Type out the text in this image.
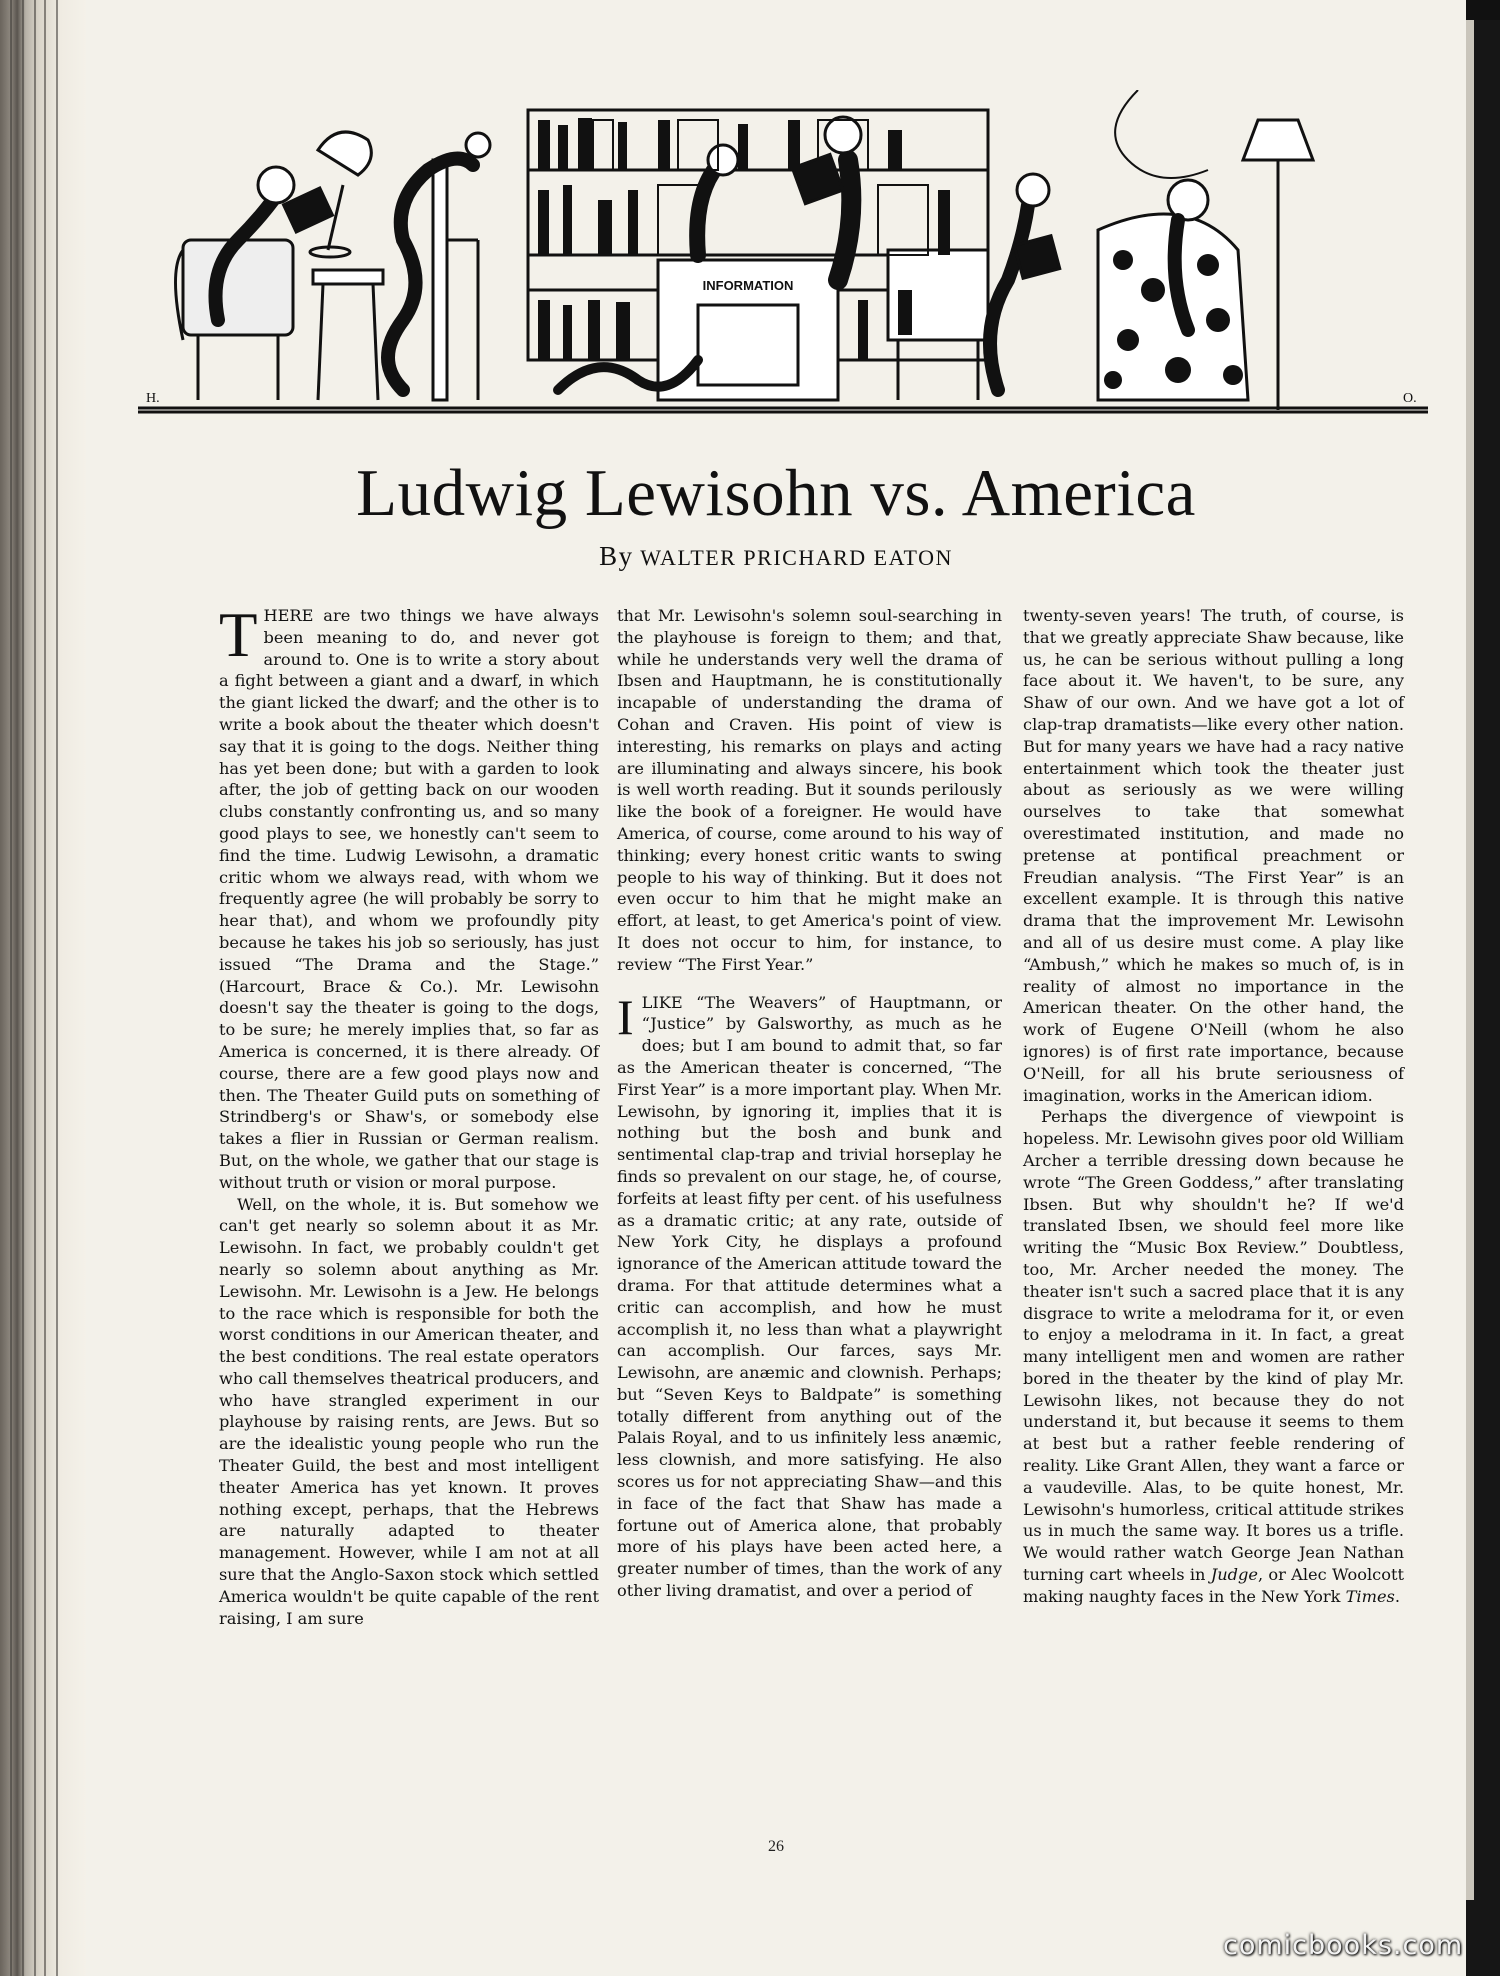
INFORMATION
H.	O.
Ludwig Lewisohn vs. America
By WALTER PRICHARD EATON

THERE are two things we have always been meaning to do, and never got around to. One is to write a story about a fight between a giant and a dwarf, in which the giant licked the dwarf; and the other is to write a book about the theater which doesn't say that it is going to the dogs. Neither thing has yet been done; but with a garden to look after, the job of getting back on our wooden clubs constantly confronting us, and so many good plays to see, we honestly can't seem to find the time. Ludwig Lewisohn, a dramatic critic whom we always read, with whom we frequently agree (he will probably be sorry to hear that), and whom we profoundly pity because he takes his job so seriously, has just issued “The Drama and the Stage.” (Harcourt, Brace & Co.). Mr. Lewisohn doesn't say the theater is going to the dogs, to be sure; he merely implies that, so far as America is concerned, it is there already. Of course, there are a few good plays now and then. The Theater Guild puts on something of Strindberg's or Shaw's, or somebody else takes a flier in Russian or German realism. But, on the whole, we gather that our stage is without truth or vision or moral purpose.

Well, on the whole, it is. But somehow we can't get nearly so solemn about it as Mr. Lewisohn. In fact, we probably couldn't get nearly so solemn about anything as Mr. Lewisohn. Mr. Lewisohn is a Jew. He belongs to the race which is responsible for both the worst conditions in our American theater, and the best conditions. The real estate operators who call themselves theatrical producers, and who have strangled experiment in our playhouse by raising rents, are Jews. But so are the idealistic young people who run the Theater Guild, the best and most intelligent theater America has yet known. It proves nothing except, perhaps, that the Hebrews are naturally adapted to theater management. However, while I am not at all sure that the Anglo-Saxon stock which settled America wouldn't be quite capable of the rent raising, I am sure

that Mr. Lewisohn's solemn soul-searching in the playhouse is foreign to them; and that, while he understands very well the drama of Ibsen and Hauptmann, he is constitutionally incapable of understanding the drama of Cohan and Craven. His point of view is interesting, his remarks on plays and acting are illuminating and always sincere, his book is well worth reading. But it sounds perilously like the book of a foreigner. He would have America, of course, come around to his way of thinking; every honest critic wants to swing people to his way of thinking. But it does not even occur to him that he might make an effort, at least, to get America's point of view. It does not occur to him, for instance, to review “The First Year.”

ILIKE “The Weavers” of Hauptmann, or “Justice” by Galsworthy, as much as he does; but I am bound to admit that, so far as the American theater is concerned, “The First Year” is a more important play. When Mr. Lewisohn, by ignoring it, implies that it is nothing but the bosh and bunk and sentimental clap-trap and trivial horseplay he finds so prevalent on our stage, he, of course, forfeits at least fifty per cent. of his usefulness as a dramatic critic; at any rate, outside of New York City, he displays a profound ignorance of the American attitude toward the drama. For that attitude determines what a critic can accomplish, and how he must accomplish it, no less than what a playwright can accomplish. Our farces, says Mr. Lewisohn, are anæmic and clownish. Perhaps; but “Seven Keys to Baldpate” is something totally different from anything out of the Palais Royal, and to us infinitely less anæmic, less clownish, and more satisfying. He also scores us for not appreciating Shaw—and this in face of the fact that Shaw has made a fortune out of America alone, that probably more of his plays have been acted here, a greater number of times, than the work of any other living dramatist, and over a period of

twenty-seven years! The truth, of course, is that we greatly appreciate Shaw because, like us, he can be serious without pulling a long face about it. We haven't, to be sure, any Shaw of our own. And we have got a lot of clap-trap dramatists—like every other nation. But for many years we have had a racy native entertainment which took the theater just about as seriously as we were willing ourselves to take that somewhat overestimated institution, and made no pretense at pontifical preachment or Freudian analysis. “The First Year” is an excellent example. It is through this native drama that the improvement Mr. Lewisohn and all of us desire must come. A play like “Ambush,” which he makes so much of, is in reality of almost no importance in the American theater. On the other hand, the work of Eugene O'Neill (whom he also ignores) is of first rate importance, because O'Neill, for all his brute seriousness of imagination, works in the American idiom.

Perhaps the divergence of viewpoint is hopeless. Mr. Lewisohn gives poor old William Archer a terrible dressing down because he wrote “The Green Goddess,” after translating Ibsen. But why shouldn't he? If we'd translated Ibsen, we should feel more like writing the “Music Box Review.” Doubtless, too, Mr. Archer needed the money. The theater isn't such a sacred place that it is any disgrace to write a melodrama for it, or even to enjoy a melodrama in it. In fact, a great many intelligent men and women are rather bored in the theater by the kind of play Mr. Lewisohn likes, not because they do not understand it, but because it seems to them at best but a rather feeble rendering of reality. Like Grant Allen, they want a farce or a vaudeville. Alas, to be quite honest, Mr. Lewisohn's humorless, critical attitude strikes us in much the same way. It bores us a trifle. We would rather watch George Jean Nathan turning cart wheels in Judge, or Alec Woolcott making naughty faces in the New York Times.

26
comicbooks.com
